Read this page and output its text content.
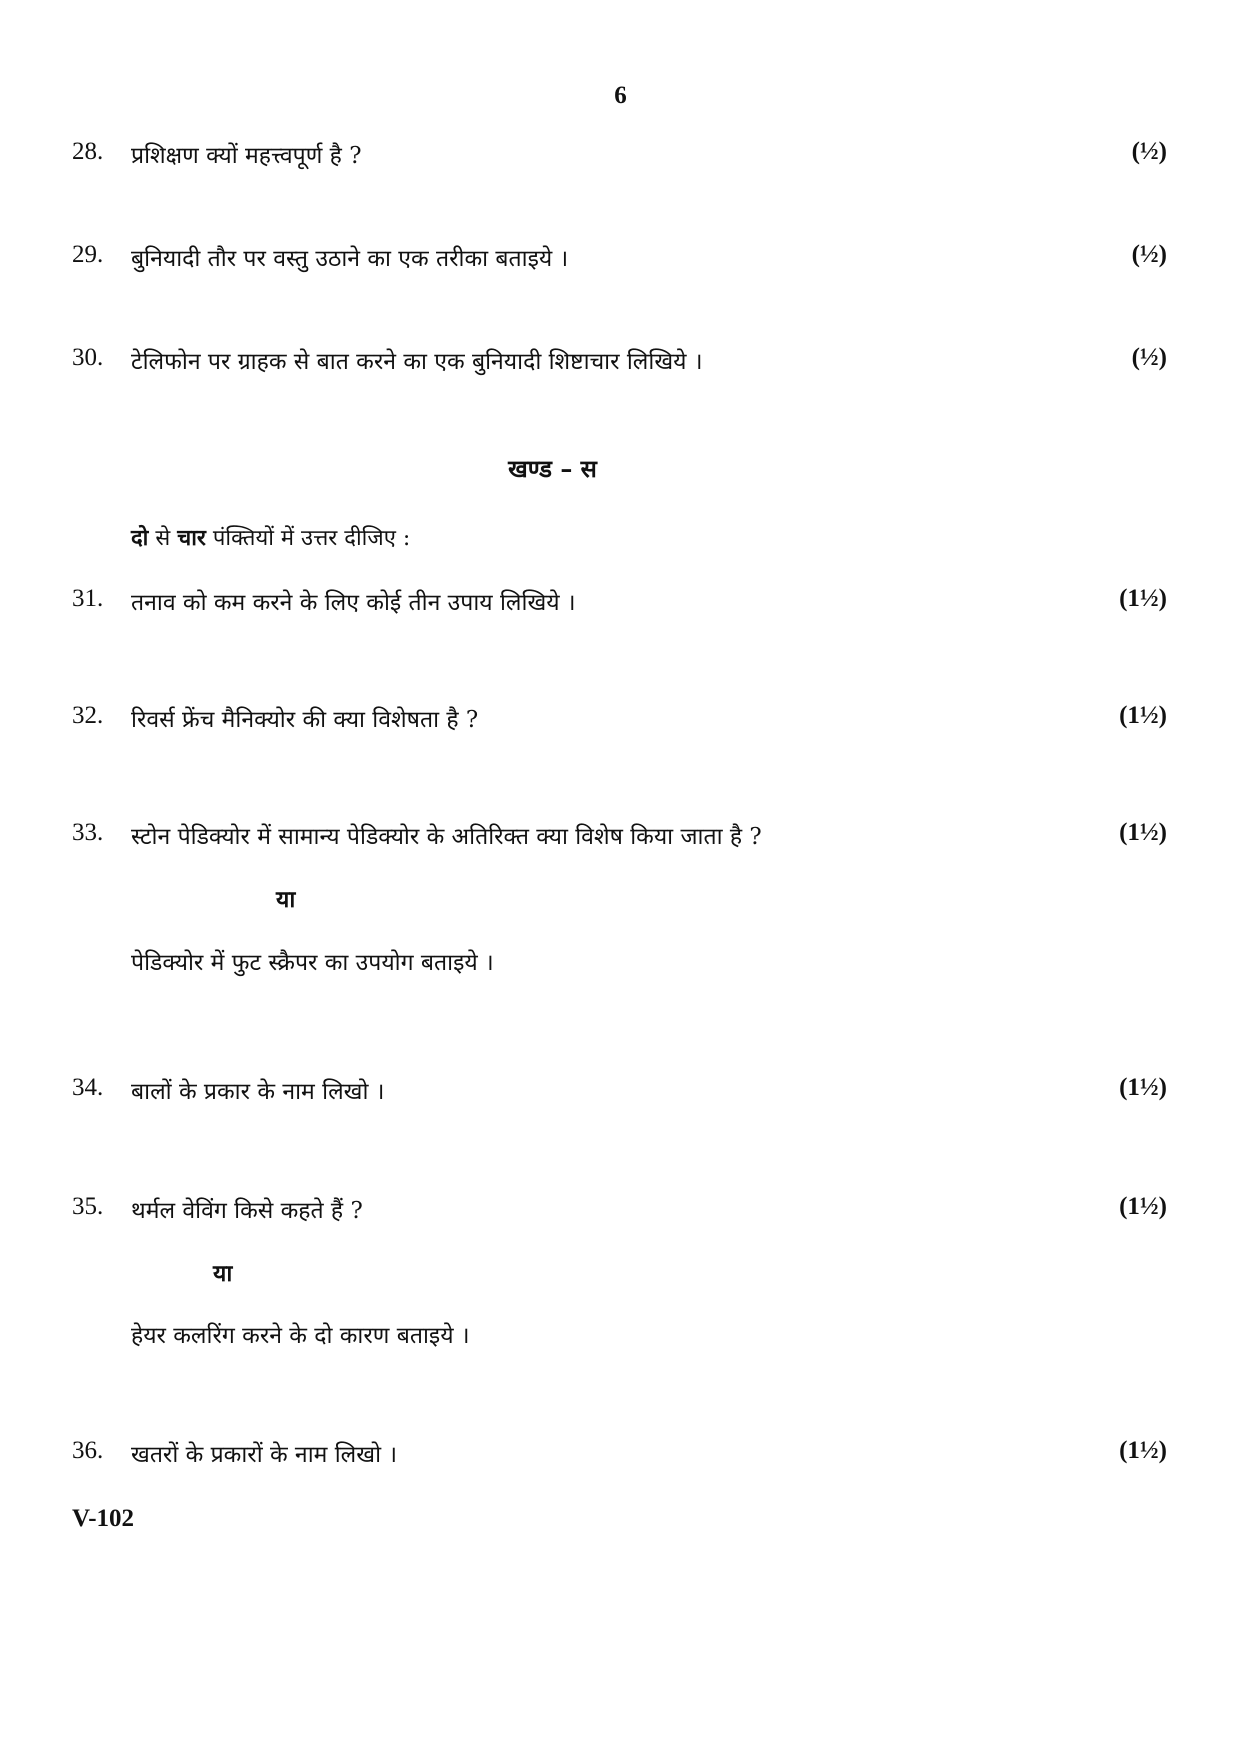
6
28. प्रशिक्षण क्यों महत्त्वपूर्ण है ?	(½)
29. बुनियादी तौर पर वस्तु उठाने का एक तरीका बताइये ।	(½)
30. टेलिफोन पर ग्राहक से बात करने का एक बुनियादी शिष्टाचार लिखिये ।	(½)
खण्ड – स
दो से चार पंक्तियों में उत्तर दीजिए :
31. तनाव को कम करने के लिए कोई तीन उपाय लिखिये ।	(1½)
32. रिवर्स फ्रेंच मैनिक्योर की क्या विशेषता है ?	(1½)
33. स्टोन पेडिक्योर में सामान्य पेडिक्योर के अतिरिक्त क्या विशेष किया जाता है ?	(1½)
या
पेडिक्योर में फुट स्क्रैपर का उपयोग बताइये ।
34. बालों के प्रकार के नाम लिखो ।	(1½)
35. थर्मल वेविंग किसे कहते हैं ?	(1½)
या
हेयर कलरिंग करने के दो कारण बताइये ।
36. खतरों के प्रकारों के नाम लिखो ।	(1½)
V-102
